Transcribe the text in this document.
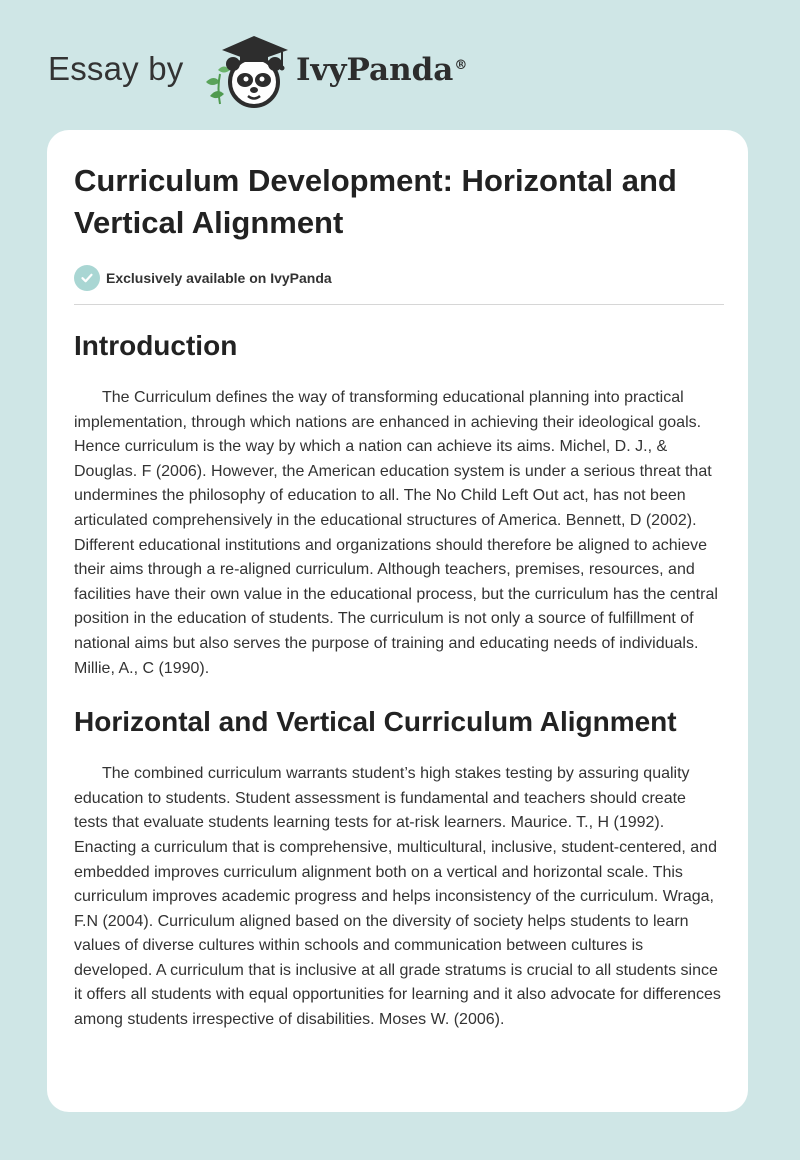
Essay by	IvyPanda®
Curriculum Development: Horizontal and Vertical Alignment
Exclusively available on IvyPanda
Introduction

The Curriculum defines the way of transforming educational planning into practical implementation, through which nations are enhanced in achieving their ideological goals. Hence curriculum is the way by which a nation can achieve its aims. Michel, D. J., & Douglas. F (2006). However, the American education system is under a serious threat that undermines the philosophy of education to all. The No Child Left Out act, has not been articulated comprehensively in the educational structures of America. Bennett, D (2002). Different educational institutions and organizations should therefore be aligned to achieve their aims through a re-aligned curriculum. Although teachers, premises, resources, and facilities have their own value in the educational process, but the curriculum has the central position in the education of students. The curriculum is not only a source of fulfillment of national aims but also serves the purpose of training and educating needs of individuals. Millie, A., C (1990).

Horizontal and Vertical Curriculum Alignment

The combined curriculum warrants student’s high stakes testing by assuring quality education to students. Student assessment is fundamental and teachers should create tests that evaluate students learning tests for at-risk learners. Maurice. T., H (1992). Enacting a curriculum that is comprehensive, multicultural, inclusive, student-centered, and embedded improves curriculum alignment both on a vertical and horizontal scale. This curriculum improves academic progress and helps inconsistency of the curriculum. Wraga, F.N (2004). Curriculum aligned based on the diversity of society helps students to learn values of diverse cultures within schools and communication between cultures is developed. A curriculum that is inclusive at all grade stratums is crucial to all students since it offers all students with equal opportunities for learning and it also advocate for differences among students irrespective of disabilities. Moses W. (2006).
